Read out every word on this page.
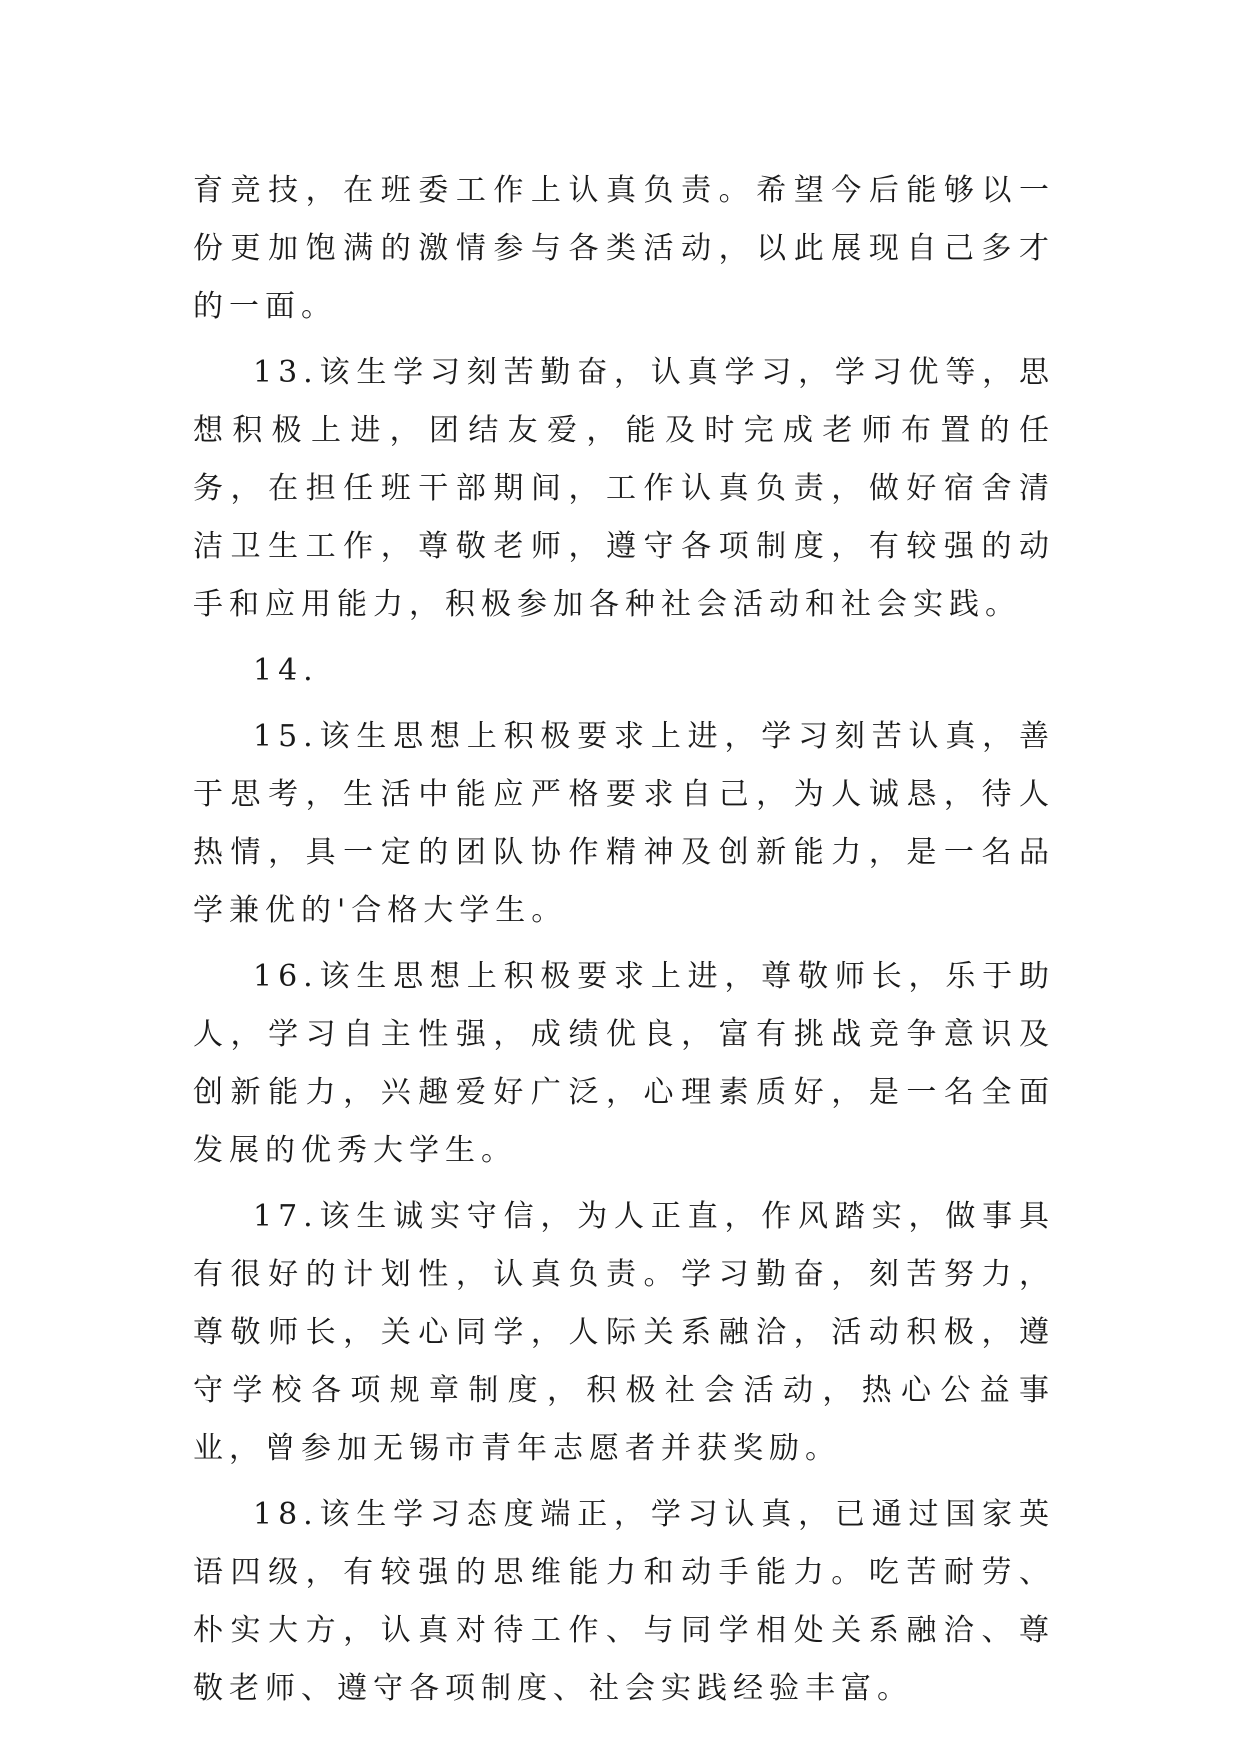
育竞技，在班委工作上认真负责。希望今后能够以一份更加饱满的激情参与各类活动，以此展现自己多才的一面。

13.该生学习刻苦勤奋，认真学习，学习优等，思想积极上进，团结友爱，能及时完成老师布置的任务，在担任班干部期间，工作认真负责，做好宿舍清洁卫生工作，尊敬老师，遵守各项制度，有较强的动手和应用能力，积极参加各种社会活动和社会实践。

14.

15.该生思想上积极要求上进，学习刻苦认真，善于思考，生活中能应严格要求自己，为人诚恳，待人热情，具一定的团队协作精神及创新能力，是一名品学兼优的'合格大学生。

16.该生思想上积极要求上进，尊敬师长，乐于助人，学习自主性强，成绩优良，富有挑战竞争意识及创新能力，兴趣爱好广泛，心理素质好，是一名全面发展的优秀大学生。

17.该生诚实守信，为人正直，作风踏实，做事具有很好的计划性，认真负责。学习勤奋，刻苦努力，尊敬师长，关心同学，人际关系融洽，活动积极，遵守学校各项规章制度，积极社会活动，热心公益事业，曾参加无锡市青年志愿者并获奖励。

18.该生学习态度端正，学习认真，已通过国家英语四级，有较强的思维能力和动手能力。吃苦耐劳、朴实大方，认真对待工作、与同学相处关系融洽、尊敬老师、遵守各项制度、社会实践经验丰富。
